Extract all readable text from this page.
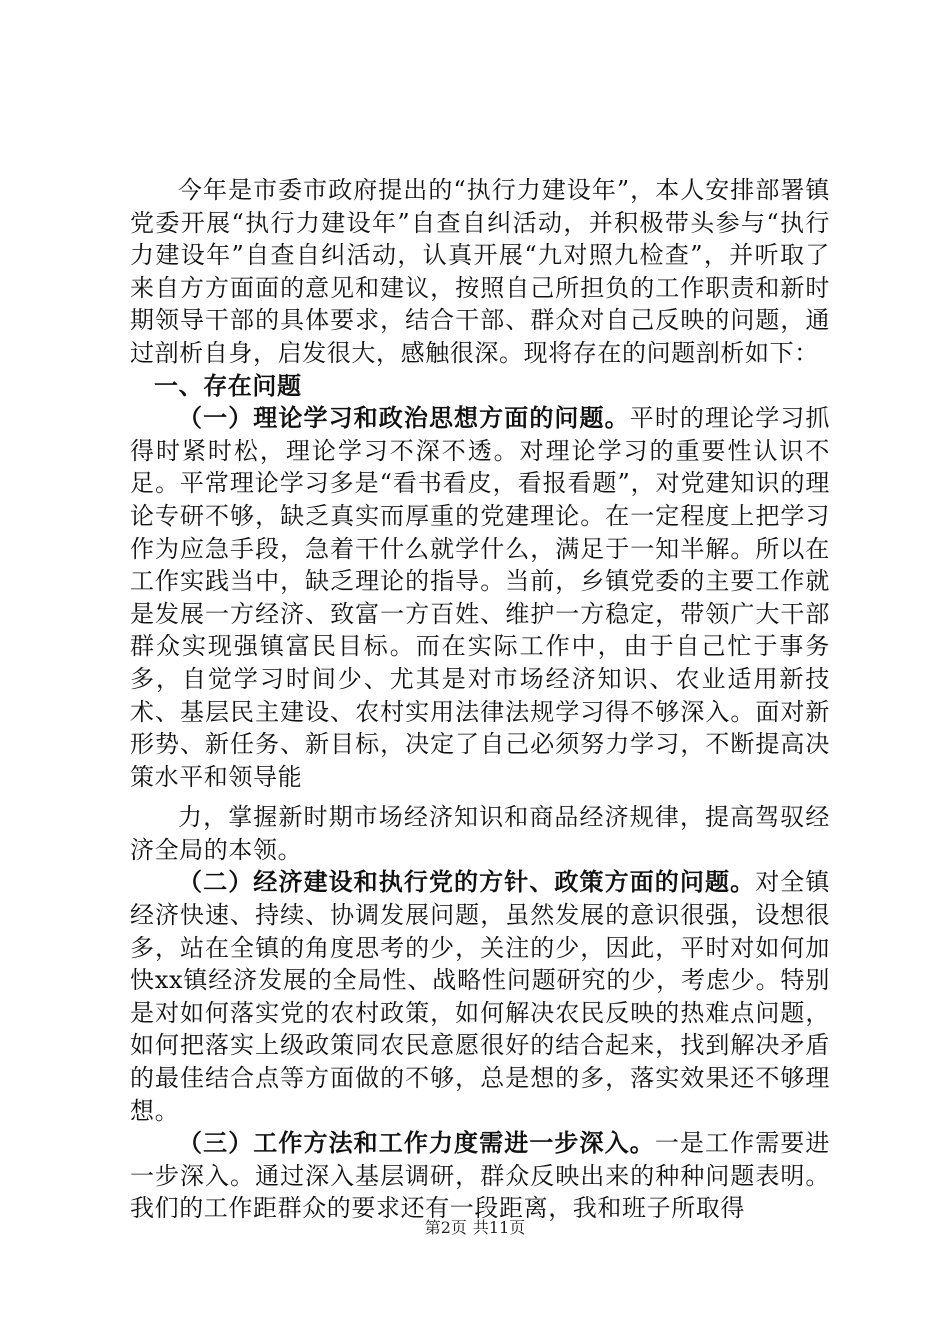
今年是市委市政府提出的“执行力建设年”，本人安排部署镇党委开展“执行力建设年”自查自纠活动，并积极带头参与“执行力建设年”自查自纠活动，认真开展“九对照九检查”，并听取了来自方方面面的意见和建议，按照自己所担负的工作职责和新时期领导干部的具体要求，结合干部、群众对自己反映的问题，通过剖析自身，启发很大，感触很深。现将存在的问题剖析如下：

一、存在问题

（一）理论学习和政治思想方面的问题。平时的理论学习抓得时紧时松，理论学习不深不透。对理论学习的重要性认识不足。平常理论学习多是“看书看皮，看报看题”，对党建知识的理论专研不够，缺乏真实而厚重的党建理论。在一定程度上把学习作为应急手段，急着干什么就学什么，满足于一知半解。所以在工作实践当中，缺乏理论的指导。当前，乡镇党委的主要工作就是发展一方经济、致富一方百姓、维护一方稳定，带领广大干部群众实现强镇富民目标。而在实际工作中，由于自己忙于事务多，自觉学习时间少、尤其是对市场经济知识、农业适用新技术、基层民主建设、农村实用法律法规学习得不够深入。面对新形势、新任务、新目标，决定了自己必须努力学习，不断提高决策水平和领导能

力，掌握新时期市场经济知识和商品经济规律，提高驾驭经济全局的本领。

（二）经济建设和执行党的方针、政策方面的问题。对全镇经济快速、持续、协调发展问题，虽然发展的意识很强，设想很多，站在全镇的角度思考的少，关注的少，因此，平时对如何加快xx镇经济发展的全局性、战略性问题研究的少，考虑少。特别是对如何落实党的农村政策，如何解决农民反映的热难点问题，如何把落实上级政策同农民意愿很好的结合起来，找到解决矛盾的最佳结合点等方面做的不够，总是想的多，落实效果还不够理想。

（三）工作方法和工作力度需进一步深入。一是工作需要进一步深入。通过深入基层调研，群众反映出来的种种问题表明。我们的工作距群众的要求还有一段距离，我和班子所取得

第2页 共11页
